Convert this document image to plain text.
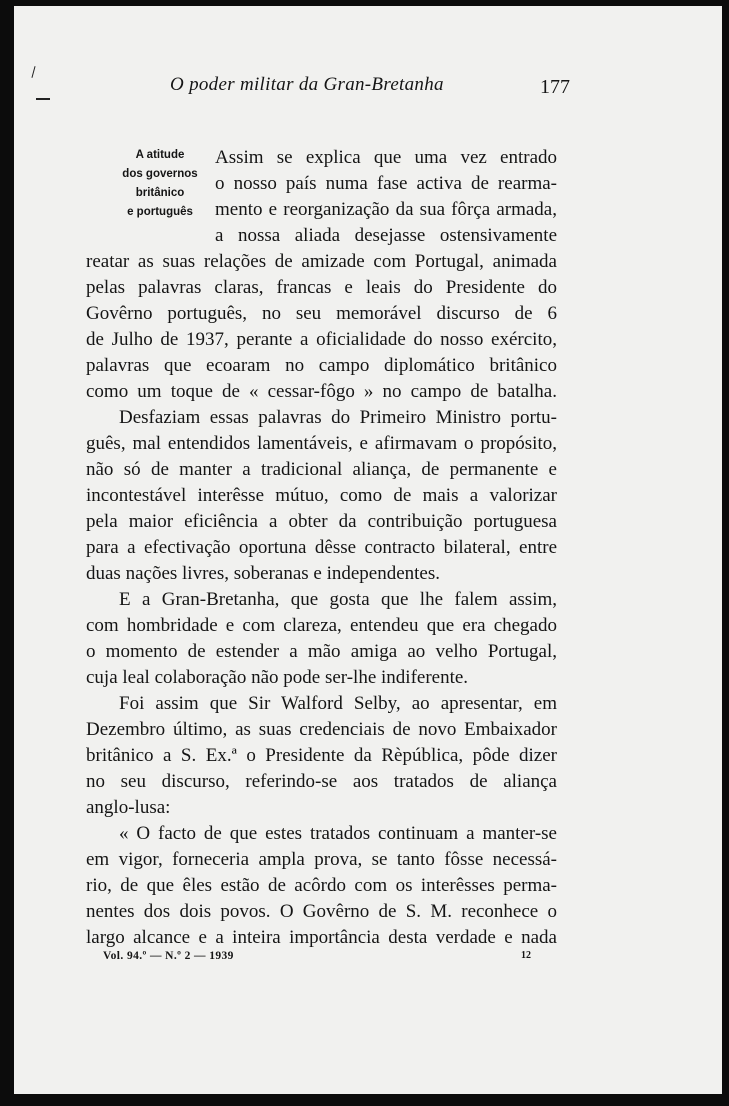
O poder militar da Gran-Bretanha	177
A atitude
dos governos
britânico
e português
Assim se explica que uma vez entrado
o nosso país numa fase activa de rearma-
mento e reorganização da sua fôrça armada,
a nossa aliada desejasse ostensivamente
reatar as suas relações de amizade com Portugal, animada
pelas palavras claras, francas e leais do Presidente do
Govêrno português, no seu memorável discurso de 6
de Julho de 1937, perante a oficialidade do nosso exército,
palavras que ecoaram no campo diplomático britânico
como um toque de « cessar-fôgo » no campo de batalha.
Desfaziam essas palavras do Primeiro Ministro portu-
guês, mal entendidos lamentáveis, e afirmavam o propósito,
não só de manter a tradicional aliança, de permanente e
incontestável interêsse mútuo, como de mais a valorizar
pela maior eficiência a obter da contribuição portuguesa
para a efectivação oportuna dêsse contracto bilateral, entre
duas nações livres, soberanas e independentes.
E a Gran-Bretanha, que gosta que lhe falem assim,
com hombridade e com clareza, entendeu que era chegado
o momento de estender a mão amiga ao velho Portugal,
cuja leal colaboração não pode ser-lhe indiferente.
Foi assim que Sir Walford Selby, ao apresentar, em
Dezembro último, as suas credenciais de novo Embaixador
britânico a S. Ex.ª o Presidente da Rèpública, pôde dizer
no seu discurso, referindo-se aos tratados de aliança
anglo-lusa:
« O facto de que estes tratados continuam a manter-se
em vigor, forneceria ampla prova, se tanto fôsse necessá-
rio, de que êles estão de acôrdo com os interêsses perma-
nentes dos dois povos. O Govêrno de S. M. reconhece o
largo alcance e a inteira importância desta verdade e nada
Vol. 94.º — N.º 2 — 1939	12
